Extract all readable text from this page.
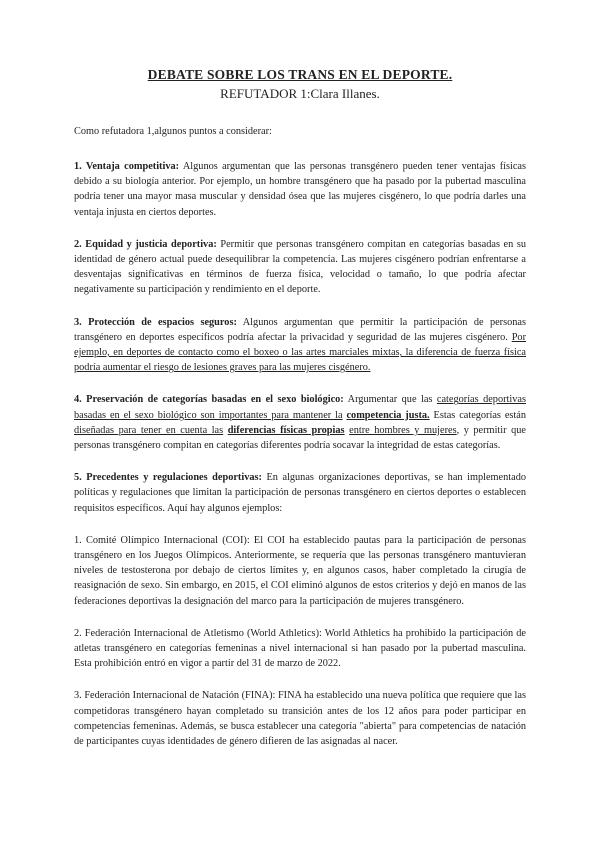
DEBATE SOBRE LOS TRANS EN EL DEPORTE.
REFUTADOR 1:Clara Illanes.
Como refutadora 1,algunos puntos a considerar:

1. Ventaja competitiva: Algunos argumentan que las personas transgénero pueden tener ventajas físicas debido a su biología anterior. Por ejemplo, un hombre transgénero que ha pasado por la pubertad masculina podría tener una mayor masa muscular y densidad ósea que las mujeres cisgénero, lo que podría darles una ventaja injusta en ciertos deportes.

2. Equidad y justicia deportiva: Permitir que personas transgénero compitan en categorías basadas en su identidad de género actual puede desequilibrar la competencia. Las mujeres cisgénero podrían enfrentarse a desventajas significativas en términos de fuerza física, velocidad o tamaño, lo que podría afectar negativamente su participación y rendimiento en el deporte.

3. Protección de espacios seguros: Algunos argumentan que permitir la participación de personas transgénero en deportes específicos podría afectar la privacidad y seguridad de las mujeres cisgénero. Por ejemplo, en deportes de contacto como el boxeo o las artes marciales mixtas, la diferencia de fuerza física podría aumentar el riesgo de lesiones graves para las mujeres cisgénero.

4. Preservación de categorías basadas en el sexo biológico: Argumentar que las categorías deportivas basadas en el sexo biológico son importantes para mantener la competencia justa. Estas categorías están diseñadas para tener en cuenta las diferencias físicas propias entre hombres y mujeres, y permitir que personas transgénero compitan en categorías diferentes podría socavar la integridad de estas categorías.

5. Precedentes y regulaciones deportivas: En algunas organizaciones deportivas, se han implementado políticas y regulaciones que limitan la participación de personas transgénero en ciertos deportes o establecen requisitos específicos. Aquí hay algunos ejemplos:

1. Comité Olímpico Internacional (COI): El COI ha establecido pautas para la participación de personas transgénero en los Juegos Olímpicos. Anteriormente, se requería que las personas transgénero mantuvieran niveles de testosterona por debajo de ciertos límites y, en algunos casos, haber completado la cirugía de reasignación de sexo. Sin embargo, en 2015, el COI eliminó algunos de estos criterios y dejó en manos de las federaciones deportivas la designación del marco para la participación de mujeres transgénero.

2. Federación Internacional de Atletismo (World Athletics): World Athletics ha prohibido la participación de atletas transgénero en categorías femeninas a nivel internacional si han pasado por la pubertad masculina. Esta prohibición entró en vigor a partir del 31 de marzo de 2022.

3. Federación Internacional de Natación (FINA): FINA ha establecido una nueva política que requiere que las competidoras transgénero hayan completado su transición antes de los 12 años para poder participar en competencias femeninas. Además, se busca establecer una categoría "abierta" para competencias de natación de participantes cuyas identidades de género difieren de las asignadas al nacer.
